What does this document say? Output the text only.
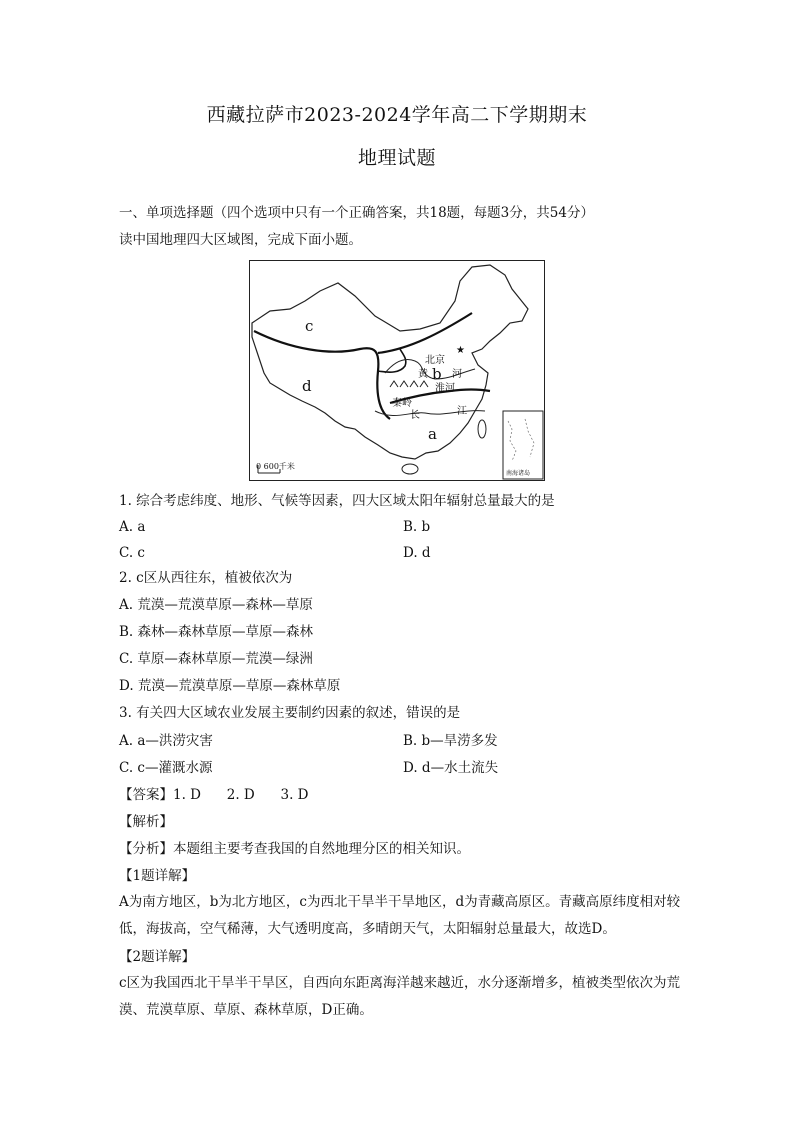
西藏拉萨市2023-2024学年高二下学期期末
地理试题
一、单项选择题（四个选项中只有一个正确答案，共18题，每题3分，共54分）
读中国地理四大区域图，完成下面小题。
★
c
d
a
b
北京
黄 河
淮河
秦岭
长	江
0 600千米
南海诸岛
1. 综合考虑纬度、地形、气候等因素，四大区域太阳年辐射总量最大的是
A. a	B. b
C. c	D. d
2. c区从西往东，植被依次为
A. 荒漠—荒漠草原—森林—草原
B. 森林—森林草原—草原—森林
C. 草原—森林草原—荒漠—绿洲
D. 荒漠—荒漠草原—草原—森林草原
3. 有关四大区域农业发展主要制约因素的叙述，错误的是
A. a—洪涝灾害	B. b—旱涝多发
C. c—灌溉水源	D. d—水土流失
【答案】1. D      2. D      3. D
【解析】
【分析】本题组主要考查我国的自然地理分区的相关知识。
【1题详解】
A为南方地区，b为北方地区，c为西北干旱半干旱地区，d为青藏高原区。青藏高原纬度相对较低，海拔高，空气稀薄，大气透明度高，多晴朗天气，太阳辐射总量最大，故选D。
【2题详解】
c区为我国西北干旱半干旱区，自西向东距离海洋越来越近，水分逐渐增多，植被类型依次为荒漠、荒漠草原、草原、森林草原，D正确。
